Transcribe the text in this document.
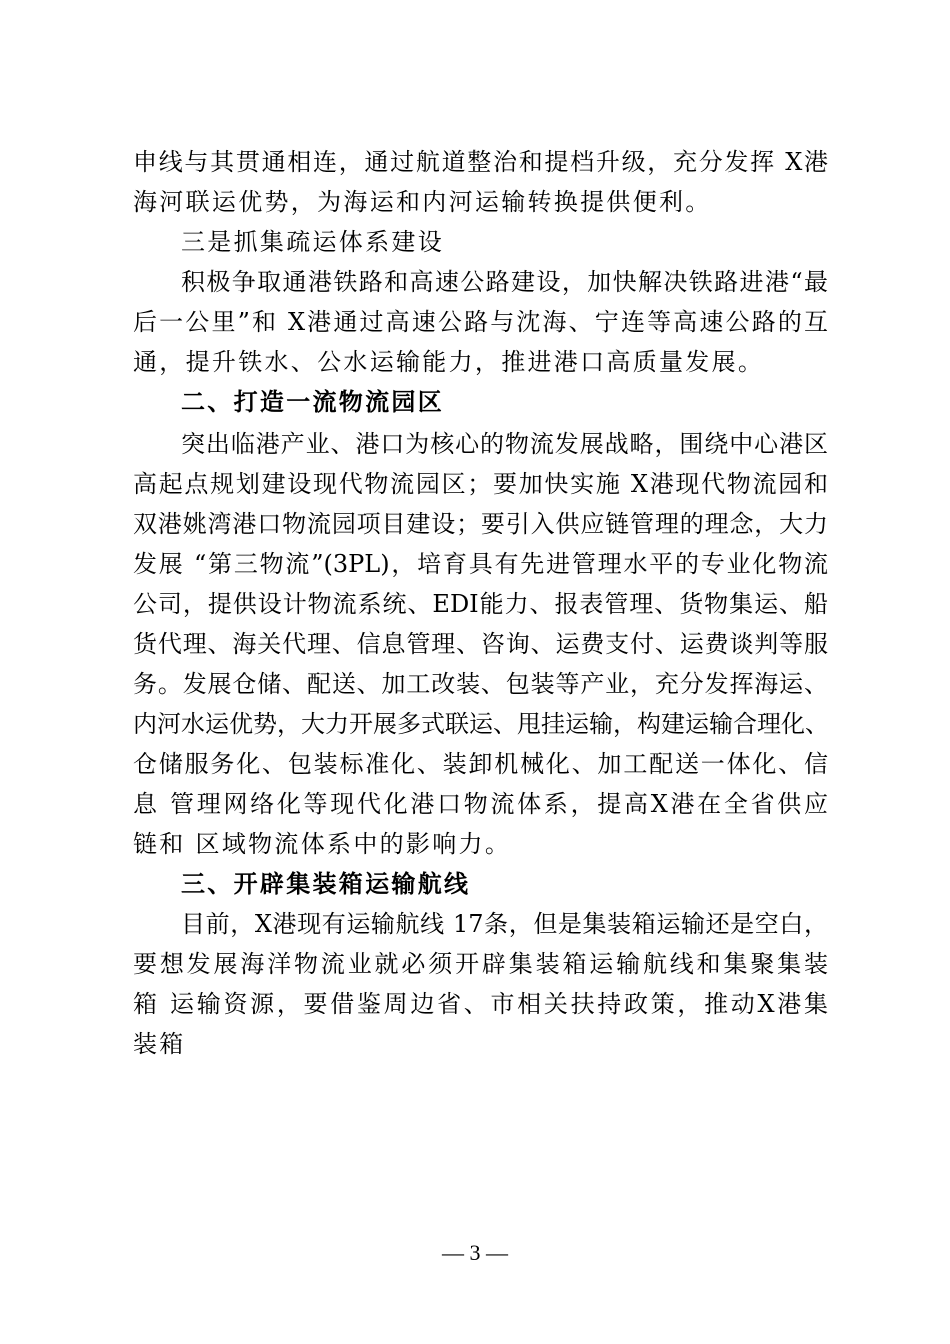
申线与其贯通相连，通过航道整治和提档升级，充分发挥 X港
海河联运优势，为海运和内河运输转换提供便利。
三是抓集疏运体系建设
积极争取通港铁路和高速公路建设，加快解决铁路进港“最
后一公里”和 X港通过高速公路与沈海、宁连等高速公路的互
通，提升铁水、公水运输能力，推进港口高质量发展。
二、打造一流物流园区
突出临港产业、港口为核心的物流发展战略，围绕中心港区
高起点规划建设现代物流园区；要加快实施 X港现代物流园和
双港姚湾港口物流园项目建设；要引入供应链管理的理念，大力
发展 “第三物流”(3PL)，培育具有先进管理水平的专业化物流
公司，提供设计物流系统、EDI能力、报表管理、货物集运、船
货代理、海关代理、信息管理、咨询、运费支付、运费谈判等服
务。发展仓储、配送、加工改装、包装等产业，充分发挥海运、
内河水运优势，大力开展多式联运、甩挂运输，构建运输合理化、
仓储服务化、包装标准化、装卸机械化、加工配送一体化、信
息 管理网络化等现代化港口物流体系，提高X港在全省供应
链和 区域物流体系中的影响力。
三、开辟集装箱运输航线
目前，X港现有运输航线 17条，但是集装箱运输还是空白，
要想发展海洋物流业就必须开辟集装箱运输航线和集聚集装
箱 运输资源，要借鉴周边省、市相关扶持政策，推动X港集
装箱
— 3 —
